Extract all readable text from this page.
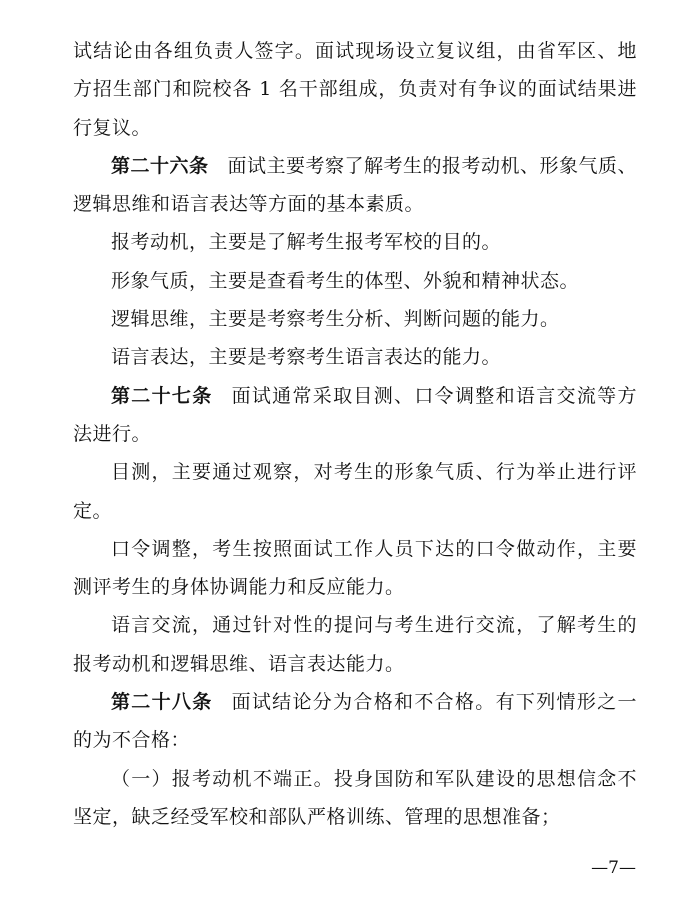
试结论由各组负责人签字。面试现场设立复议组，由省军区、地
方招生部门和院校各 1 名干部组成，负责对有争议的面试结果进
行复议。
第二十六条 面试主要考察了解考生的报考动机、形象气质、
逻辑思维和语言表达等方面的基本素质。
报考动机，主要是了解考生报考军校的目的。
形象气质，主要是查看考生的体型、外貌和精神状态。
逻辑思维，主要是考察考生分析、判断问题的能力。
语言表达，主要是考察考生语言表达的能力。
第二十七条 面试通常采取目测、口令调整和语言交流等方
法进行。
目测，主要通过观察，对考生的形象气质、行为举止进行评
定。
口令调整，考生按照面试工作人员下达的口令做动作，主要
测评考生的身体协调能力和反应能力。
语言交流，通过针对性的提问与考生进行交流，了解考生的
报考动机和逻辑思维、语言表达能力。
第二十八条 面试结论分为合格和不合格。有下列情形之一
的为不合格：
（一）报考动机不端正。投身国防和军队建设的思想信念不
坚定，缺乏经受军校和部队严格训练、管理的思想准备；
—7—
